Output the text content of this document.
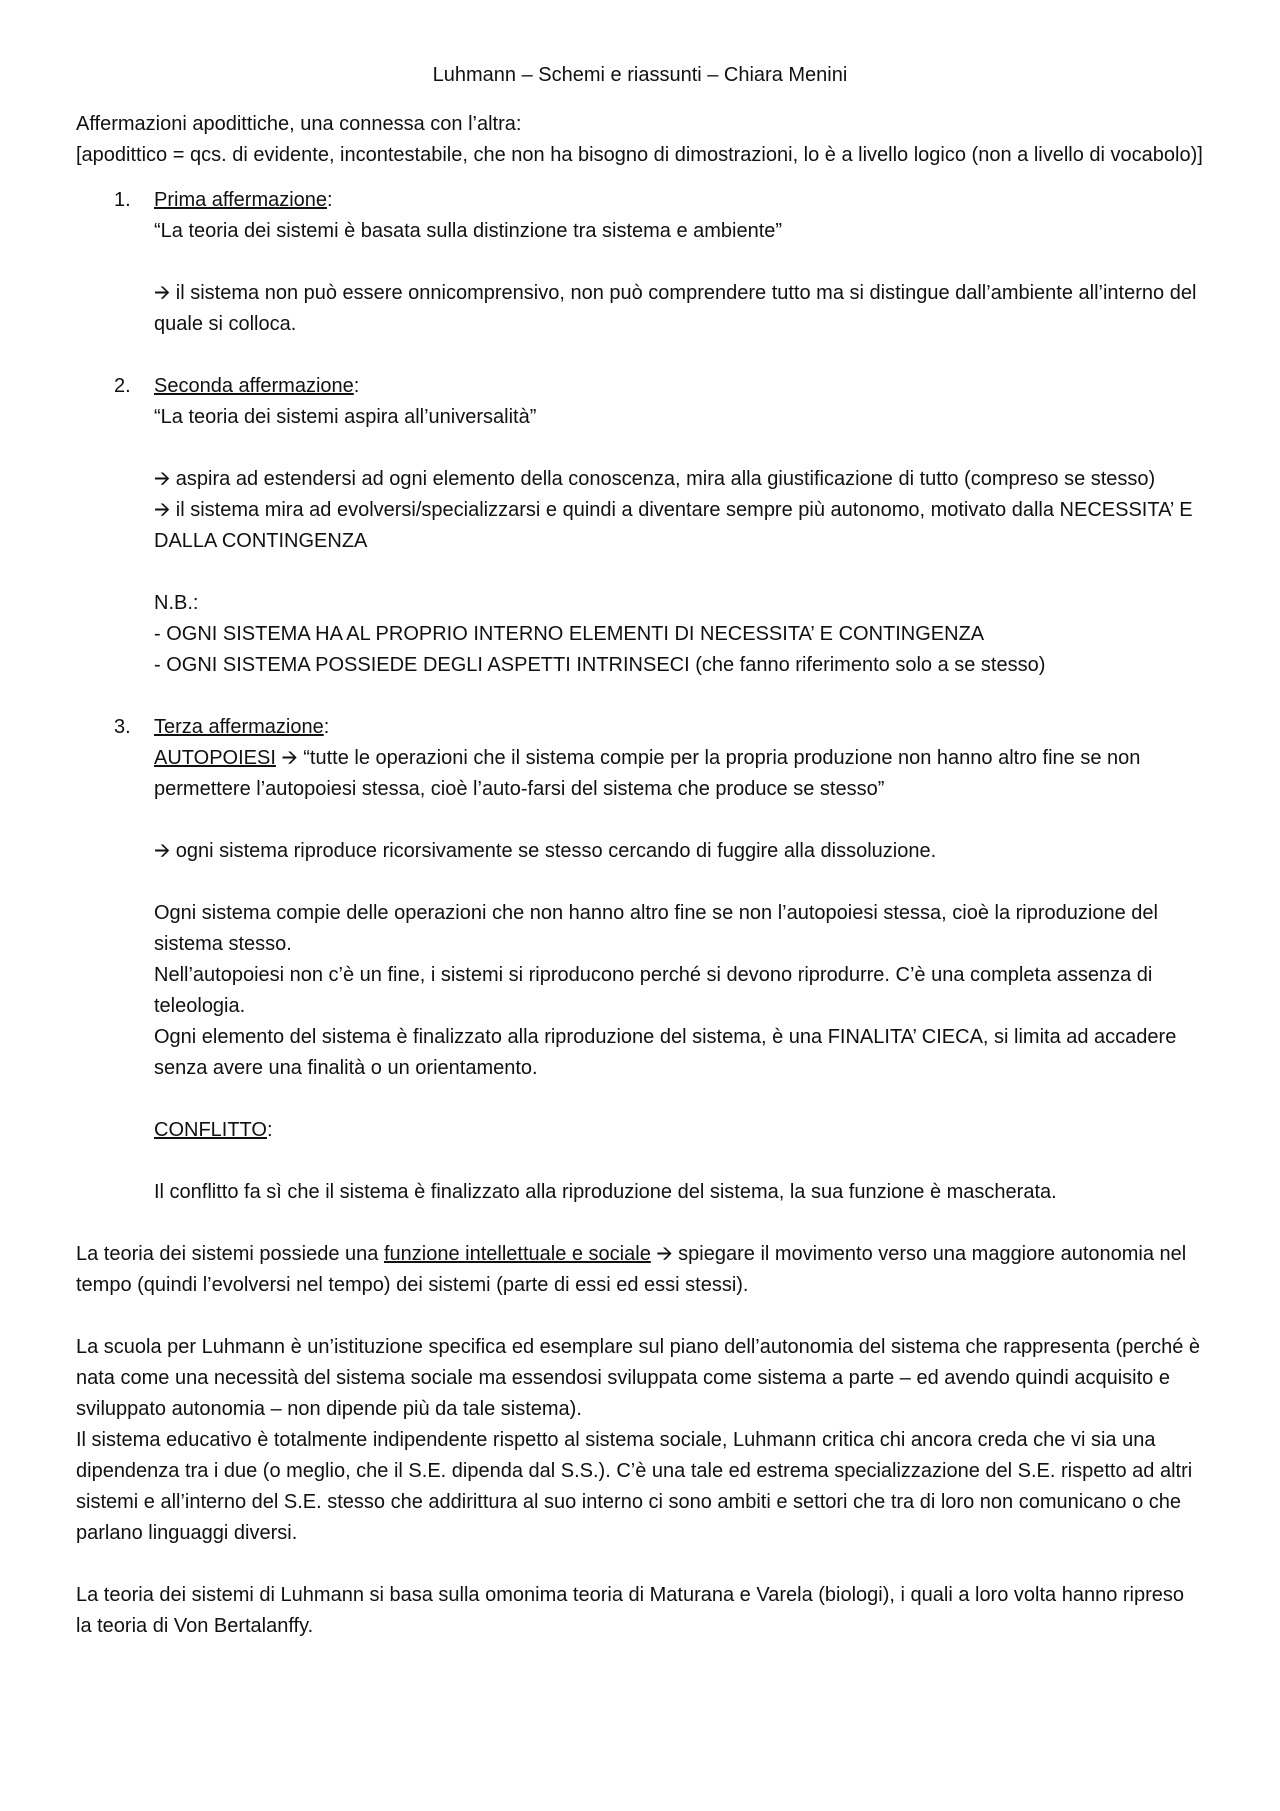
Luhmann – Schemi e riassunti – Chiara Menini

Affermazioni apodittiche, una connessa con l’altra:

[apodittico = qcs. di evidente, incontestabile, che non ha bisogno di dimostrazioni, lo è a livello logico (non a livello di vocabolo)]

1. Prima affermazione:

“La teoria dei sistemi è basata sulla distinzione tra sistema e ambiente”

🡪 il sistema non può essere onnicomprensivo, non può comprendere tutto ma si distingue dall’ambiente all’interno del quale si colloca.

2. Seconda affermazione:

“La teoria dei sistemi aspira all’universalità”

🡪 aspira ad estendersi ad ogni elemento della conoscenza, mira alla giustificazione di tutto (compreso se stesso)

🡪 il sistema mira ad evolversi/specializzarsi e quindi a diventare sempre più autonomo, motivato dalla NECESSITA’ E DALLA CONTINGENZA

N.B.:

- OGNI SISTEMA HA AL PROPRIO INTERNO ELEMENTI DI NECESSITA’ E CONTINGENZA

- OGNI SISTEMA POSSIEDE DEGLI ASPETTI INTRINSECI (che fanno riferimento solo a se stesso)

3. Terza affermazione:

AUTOPOIESI 🡪 “tutte le operazioni che il sistema compie per la propria produzione non hanno altro fine se non permettere l’autopoiesi stessa, cioè l’auto-farsi del sistema che produce se stesso”

🡪 ogni sistema riproduce ricorsivamente se stesso cercando di fuggire alla dissoluzione.

Ogni sistema compie delle operazioni che non hanno altro fine se non l’autopoiesi stessa, cioè la riproduzione del sistema stesso.

Nell’autopoiesi non c’è un fine, i sistemi si riproducono perché si devono riprodurre. C’è una completa assenza di teleologia.

Ogni elemento del sistema è finalizzato alla riproduzione del sistema, è una FINALITA’ CIECA, si limita ad accadere senza avere una finalità o un orientamento.

CONFLITTO:

Il conflitto fa sì che il sistema è finalizzato alla riproduzione del sistema, la sua funzione è mascherata.

La teoria dei sistemi possiede una funzione intellettuale e sociale 🡪 spiegare il movimento verso una maggiore autonomia nel tempo (quindi l’evolversi nel tempo) dei sistemi (parte di essi ed essi stessi).

La scuola per Luhmann è un’istituzione specifica ed esemplare sul piano dell’autonomia del sistema che rappresenta (perché è nata come una necessità del sistema sociale ma essendosi sviluppata come sistema a parte – ed avendo quindi acquisito e sviluppato autonomia – non dipende più da tale sistema).

Il sistema educativo è totalmente indipendente rispetto al sistema sociale, Luhmann critica chi ancora creda che vi sia una dipendenza tra i due (o meglio, che il S.E. dipenda dal S.S.). C’è una tale ed estrema specializzazione del S.E. rispetto ad altri sistemi e all’interno del S.E. stesso che addirittura al suo interno ci sono ambiti e settori che tra di loro non comunicano o che parlano linguaggi diversi.

La teoria dei sistemi di Luhmann si basa sulla omonima teoria di Maturana e Varela (biologi), i quali a loro volta hanno ripreso la teoria di Von Bertalanffy.
